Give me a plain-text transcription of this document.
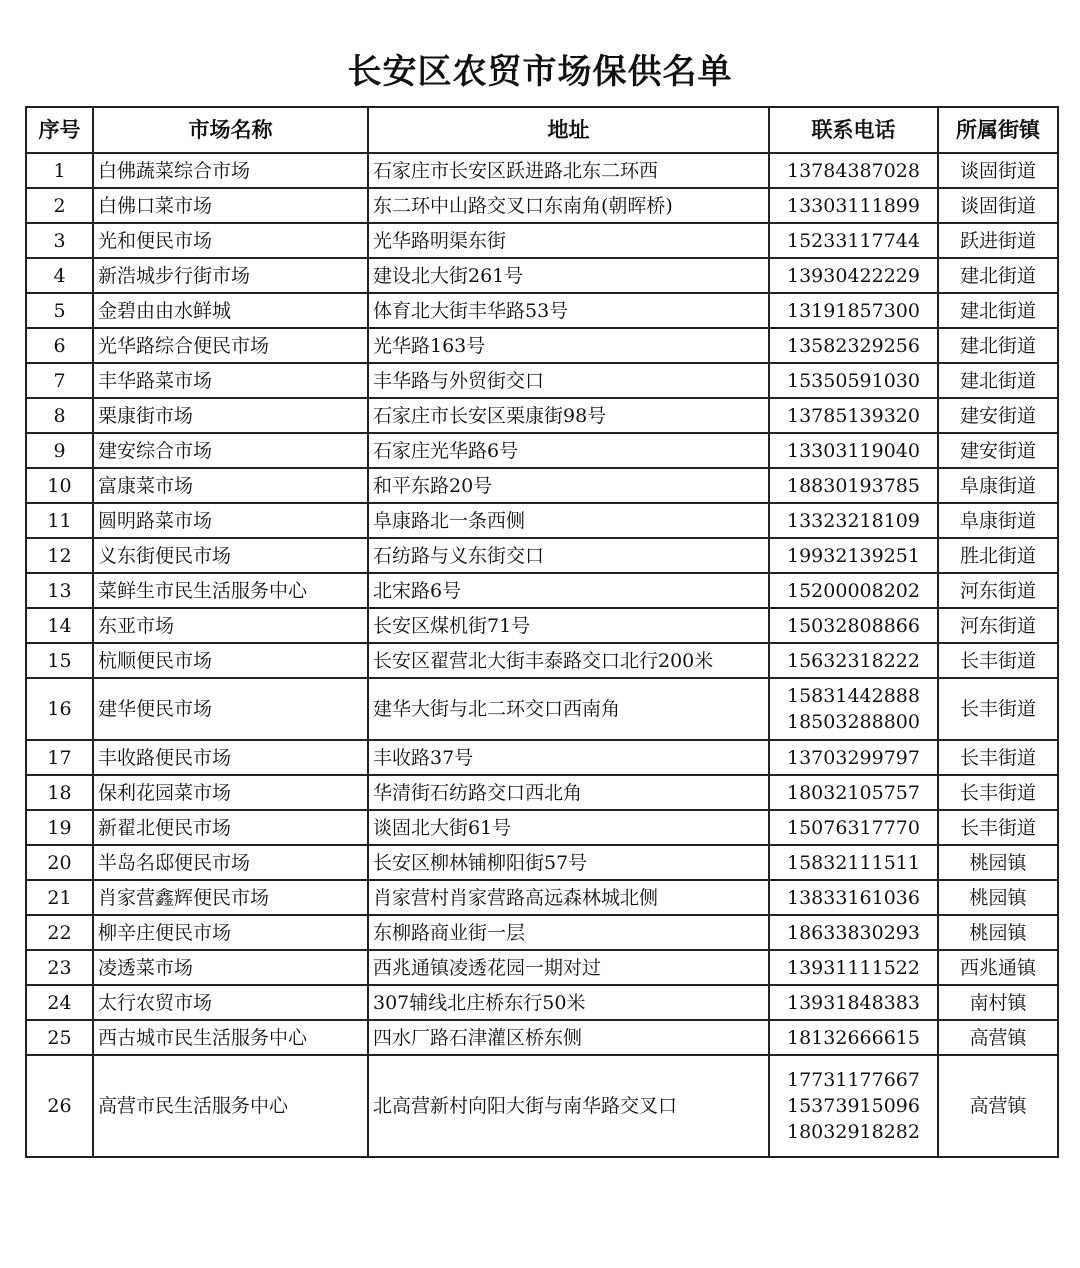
长安区农贸市场保供名单
序号	市场名称	地址	联系电话	所属街镇
1	白佛蔬菜综合市场	石家庄市长安区跃进路北东二环西	13784387028	谈固街道
2	白佛口菜市场	东二环中山路交叉口东南角(朝晖桥)	13303111899	谈固街道
3	光和便民市场	光华路明渠东街	15233117744	跃进街道
4	新浩城步行街市场	建设北大街261号	13930422229	建北街道
5	金碧由由水鲜城	体育北大街丰华路53号	13191857300	建北街道
6	光华路综合便民市场	光华路163号	13582329256	建北街道
7	丰华路菜市场	丰华路与外贸街交口	15350591030	建北街道
8	栗康街市场	石家庄市长安区栗康街98号	13785139320	建安街道
9	建安综合市场	石家庄光华路6号	13303119040	建安街道
10	富康菜市场	和平东路20号	18830193785	阜康街道
11	圆明路菜市场	阜康路北一条西侧	13323218109	阜康街道
12	义东街便民市场	石纺路与义东街交口	19932139251	胜北街道
13	菜鲜生市民生活服务中心	北宋路6号	15200008202	河东街道
14	东亚市场	长安区煤机街71号	15032808866	河东街道
15	杭顺便民市场	长安区翟营北大街丰泰路交口北行200米	15632318222	长丰街道
16	建华便民市场	建华大街与北二环交口西南角	15831442888
18503288800	长丰街道
17	丰收路便民市场	丰收路37号	13703299797	长丰街道
18	保利花园菜市场	华清街石纺路交口西北角	18032105757	长丰街道
19	新翟北便民市场	谈固北大街61号	15076317770	长丰街道
20	半岛名邸便民市场	长安区柳林铺柳阳街57号	15832111511	桃园镇
21	肖家营鑫辉便民市场	肖家营村肖家营路高远森林城北侧	13833161036	桃园镇
22	柳辛庄便民市场	东柳路商业街一层	18633830293	桃园镇
23	凌透菜市场	西兆通镇凌透花园一期对过	13931111522	西兆通镇
24	太行农贸市场	307辅线北庄桥东行50米	13931848383	南村镇
25	西古城市民生活服务中心	四水厂路石津灌区桥东侧	18132666615	高营镇
26	高营市民生活服务中心	北高营新村向阳大街与南华路交叉口	17731177667
15373915096
18032918282	高营镇
